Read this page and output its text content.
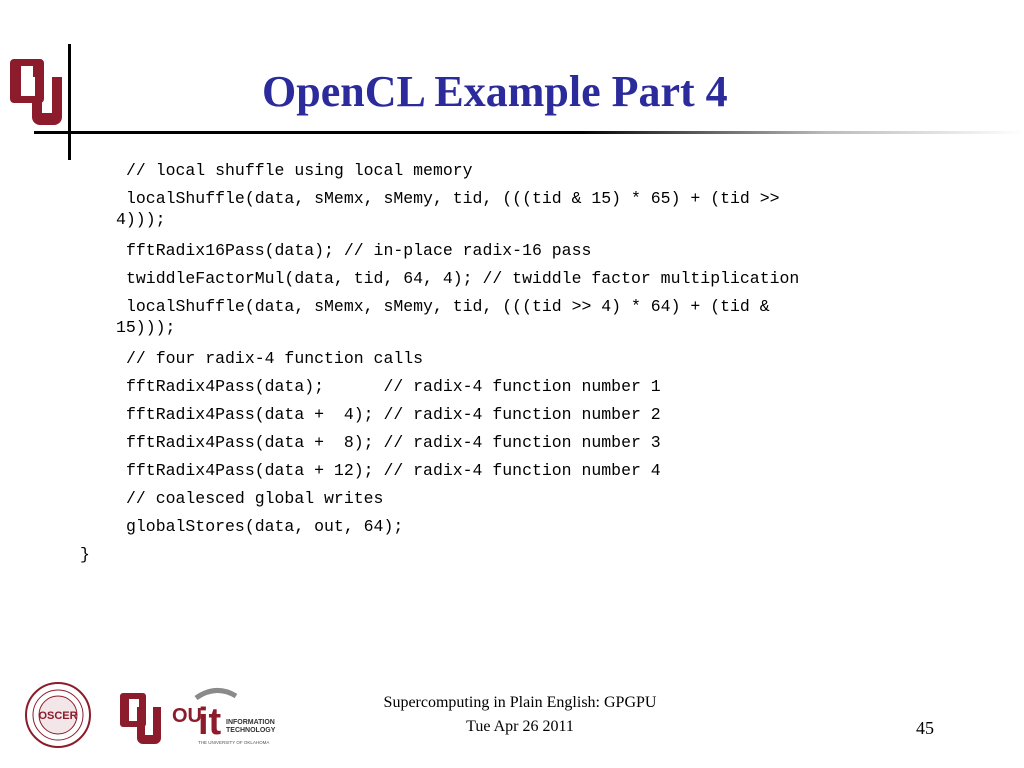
OpenCL Example Part 4
// local shuffle using local memory
localShuffle(data, sMemx, sMemy, tid, (((tid & 15) * 65) + (tid >>
4)));
fftRadix16Pass(data); // in-place radix-16 pass
twiddleFactorMul(data, tid, 64, 4); // twiddle factor multiplication
localShuffle(data, sMemx, sMemy, tid, (((tid >> 4) * 64) + (tid &
15)));
// four radix-4 function calls
fftRadix4Pass(data);      // radix-4 function number 1
fftRadix4Pass(data +  4); // radix-4 function number 2
fftRadix4Pass(data +  8); // radix-4 function number 3
fftRadix4Pass(data + 12); // radix-4 function number 4
// coalesced global writes
globalStores(data, out, 64);
}
OSCER	OU
it INFORMATION
TECHNOLOGY
THE UNIVERSITY OF OKLAHOMA
Supercomputing in Plain English: GPGPU
Tue Apr 26 2011	45
